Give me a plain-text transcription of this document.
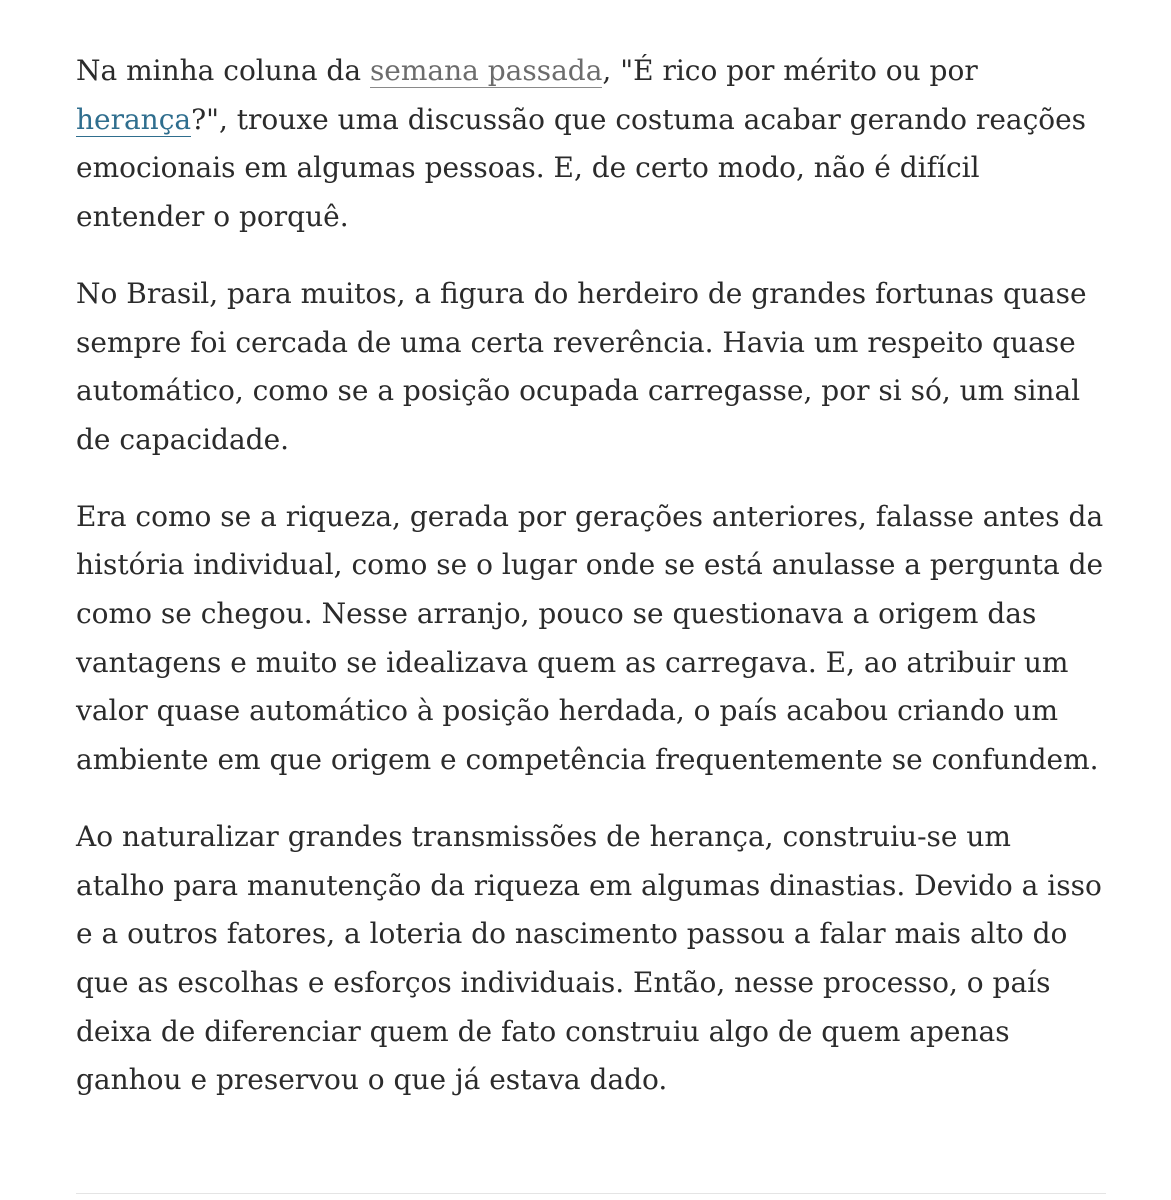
Na minha coluna da semana passada, "É rico por mérito ou por herança?", trouxe uma discussão que costuma acabar gerando reações emocionais em algumas pessoas. E, de certo modo, não é difícil entender o porquê.

No Brasil, para muitos, a figura do herdeiro de grandes fortunas quase sempre foi cercada de uma certa reverência. Havia um respeito quase automático, como se a posição ocupada carregasse, por si só, um sinal de capacidade.

Era como se a riqueza, gerada por gerações anteriores, falasse antes da história individual, como se o lugar onde se está anulasse a pergunta de como se chegou. Nesse arranjo, pouco se questionava a origem das vantagens e muito se idealizava quem as carregava. E, ao atribuir um valor quase automático à posição herdada, o país acabou criando um ambiente em que origem e competência frequentemente se confundem.

Ao naturalizar grandes transmissões de herança, construiu-se um atalho para manutenção da riqueza em algumas dinastias. Devido a isso e a outros fatores, a loteria do nascimento passou a falar mais alto do que as escolhas e esforços individuais. Então, nesse processo, o país deixa de diferenciar quem de fato construiu algo de quem apenas ganhou e preservou o que já estava dado.
